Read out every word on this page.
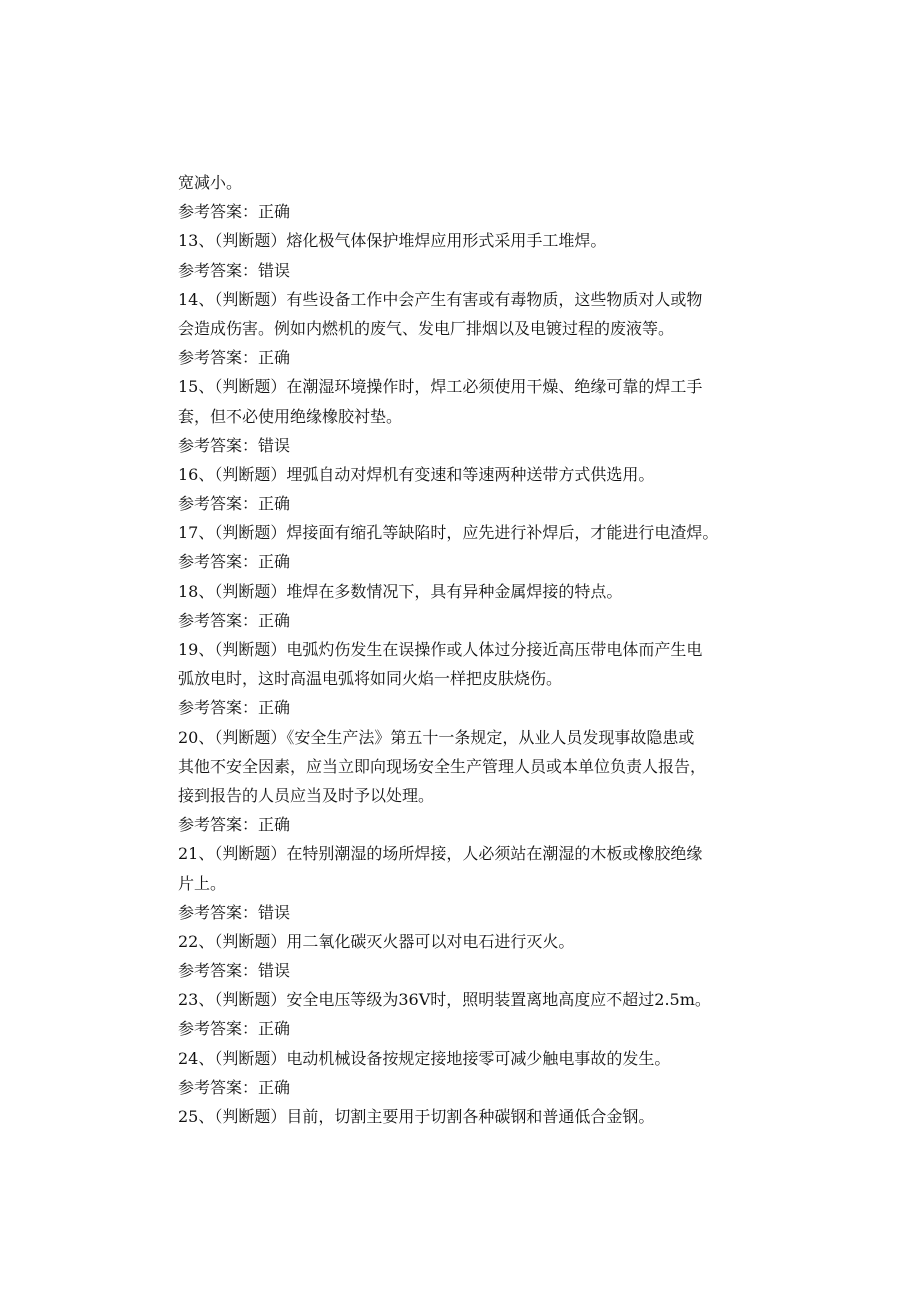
宽减小。
参考答案：正确
13、（判断题）熔化极气体保护堆焊应用形式采用手工堆焊。
参考答案：错误
14、（判断题）有些设备工作中会产生有害或有毒物质，这些物质对人或物
会造成伤害。例如内燃机的废气、发电厂排烟以及电镀过程的废液等。
参考答案：正确
15、（判断题）在潮湿环境操作时，焊工必须使用干燥、绝缘可靠的焊工手
套，但不必使用绝缘橡胶衬垫。
参考答案：错误
16、（判断题）埋弧自动对焊机有变速和等速两种送带方式供选用。
参考答案：正确
17、（判断题）焊接面有缩孔等缺陷时，应先进行补焊后，才能进行电渣焊。
参考答案：正确
18、（判断题）堆焊在多数情况下，具有异种金属焊接的特点。
参考答案：正确
19、（判断题）电弧灼伤发生在误操作或人体过分接近高压带电体而产生电
弧放电时，这时高温电弧将如同火焰一样把皮肤烧伤。
参考答案：正确
20、（判断题）《安全生产法》第五十一条规定，从业人员发现事故隐患或
其他不安全因素，应当立即向现场安全生产管理人员或本单位负责人报告，
接到报告的人员应当及时予以处理。
参考答案：正确
21、（判断题）在特别潮湿的场所焊接，人必须站在潮湿的木板或橡胶绝缘
片上。
参考答案：错误
22、（判断题）用二氧化碳灭火器可以对电石进行灭火。
参考答案：错误
23、（判断题）安全电压等级为36V时，照明装置离地高度应不超过2.5m。
参考答案：正确
24、（判断题）电动机械设备按规定接地接零可减少触电事故的发生。
参考答案：正确
25、（判断题）目前，切割主要用于切割各种碳钢和普通低合金钢。
